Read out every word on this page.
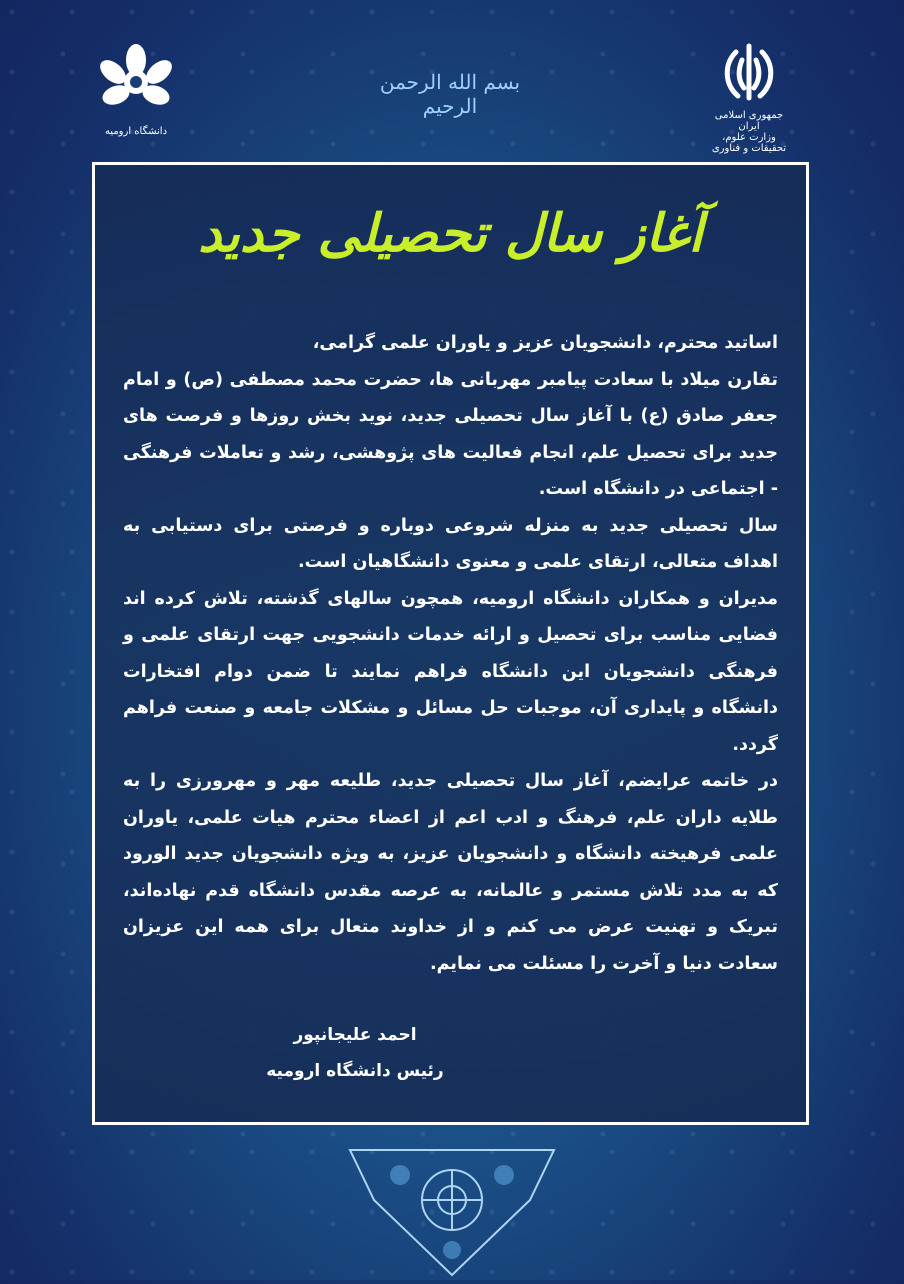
دانشگاه ارومیه
بسم الله الرحمن الرحیم	جمهوری اسلامی ایران
وزارت علوم، تحقیقات و فناوری
آغاز سال تحصیلی جدید

اساتید محترم، دانشجویان عزیز و یاوران علمی گرامی،

تقارن میلاد با سعادت پیامبر مهربانی ها، حضرت محمد مصطفی (ص) و امام جعفر صادق (ع) با آغاز سال تحصیلی جدید، نوید بخش روزها و فرصت های جدید برای تحصیل علم، انجام فعالیت های پژوهشی، رشد و تعاملات فرهنگی - اجتماعی در دانشگاه است.

سال تحصیلی جدید به منزله شروعی دوباره و فرصتی برای دستیابی به اهداف متعالی، ارتقای علمی و معنوی دانشگاهیان است.

مدیران و همکاران دانشگاه ارومیه، همچون سالهای گذشته، تلاش کرده اند فضایی مناسب برای تحصیل و ارائه خدمات دانشجویی جهت ارتقای علمی و فرهنگی دانشجویان این دانشگاه فراهم نمایند تا ضمن دوام افتخارات دانشگاه و پایداری آن، موجبات حل مسائل و مشکلات جامعه و صنعت فراهم گردد.

در خاتمه عرایضم، آغاز سال تحصیلی جدید، طلیعه مهر و مهرورزی را به طلایه داران علم، فرهنگ و ادب اعم از اعضاء محترم هیات علمی، یاوران علمی فرهیخته دانشگاه و دانشجویان عزیز، به ویژه دانشجویان جدید الورود که به مدد تلاش مستمر و عالمانه، به عرصه مقدس دانشگاه قدم نهاده‌اند، تبریک و تهنیت عرض می کنم و از خداوند متعال برای همه این عزیزان سعادت دنیا و آخرت را مسئلت می نمایم.

احمد علیجانپور
رئیس دانشگاه ارومیه
